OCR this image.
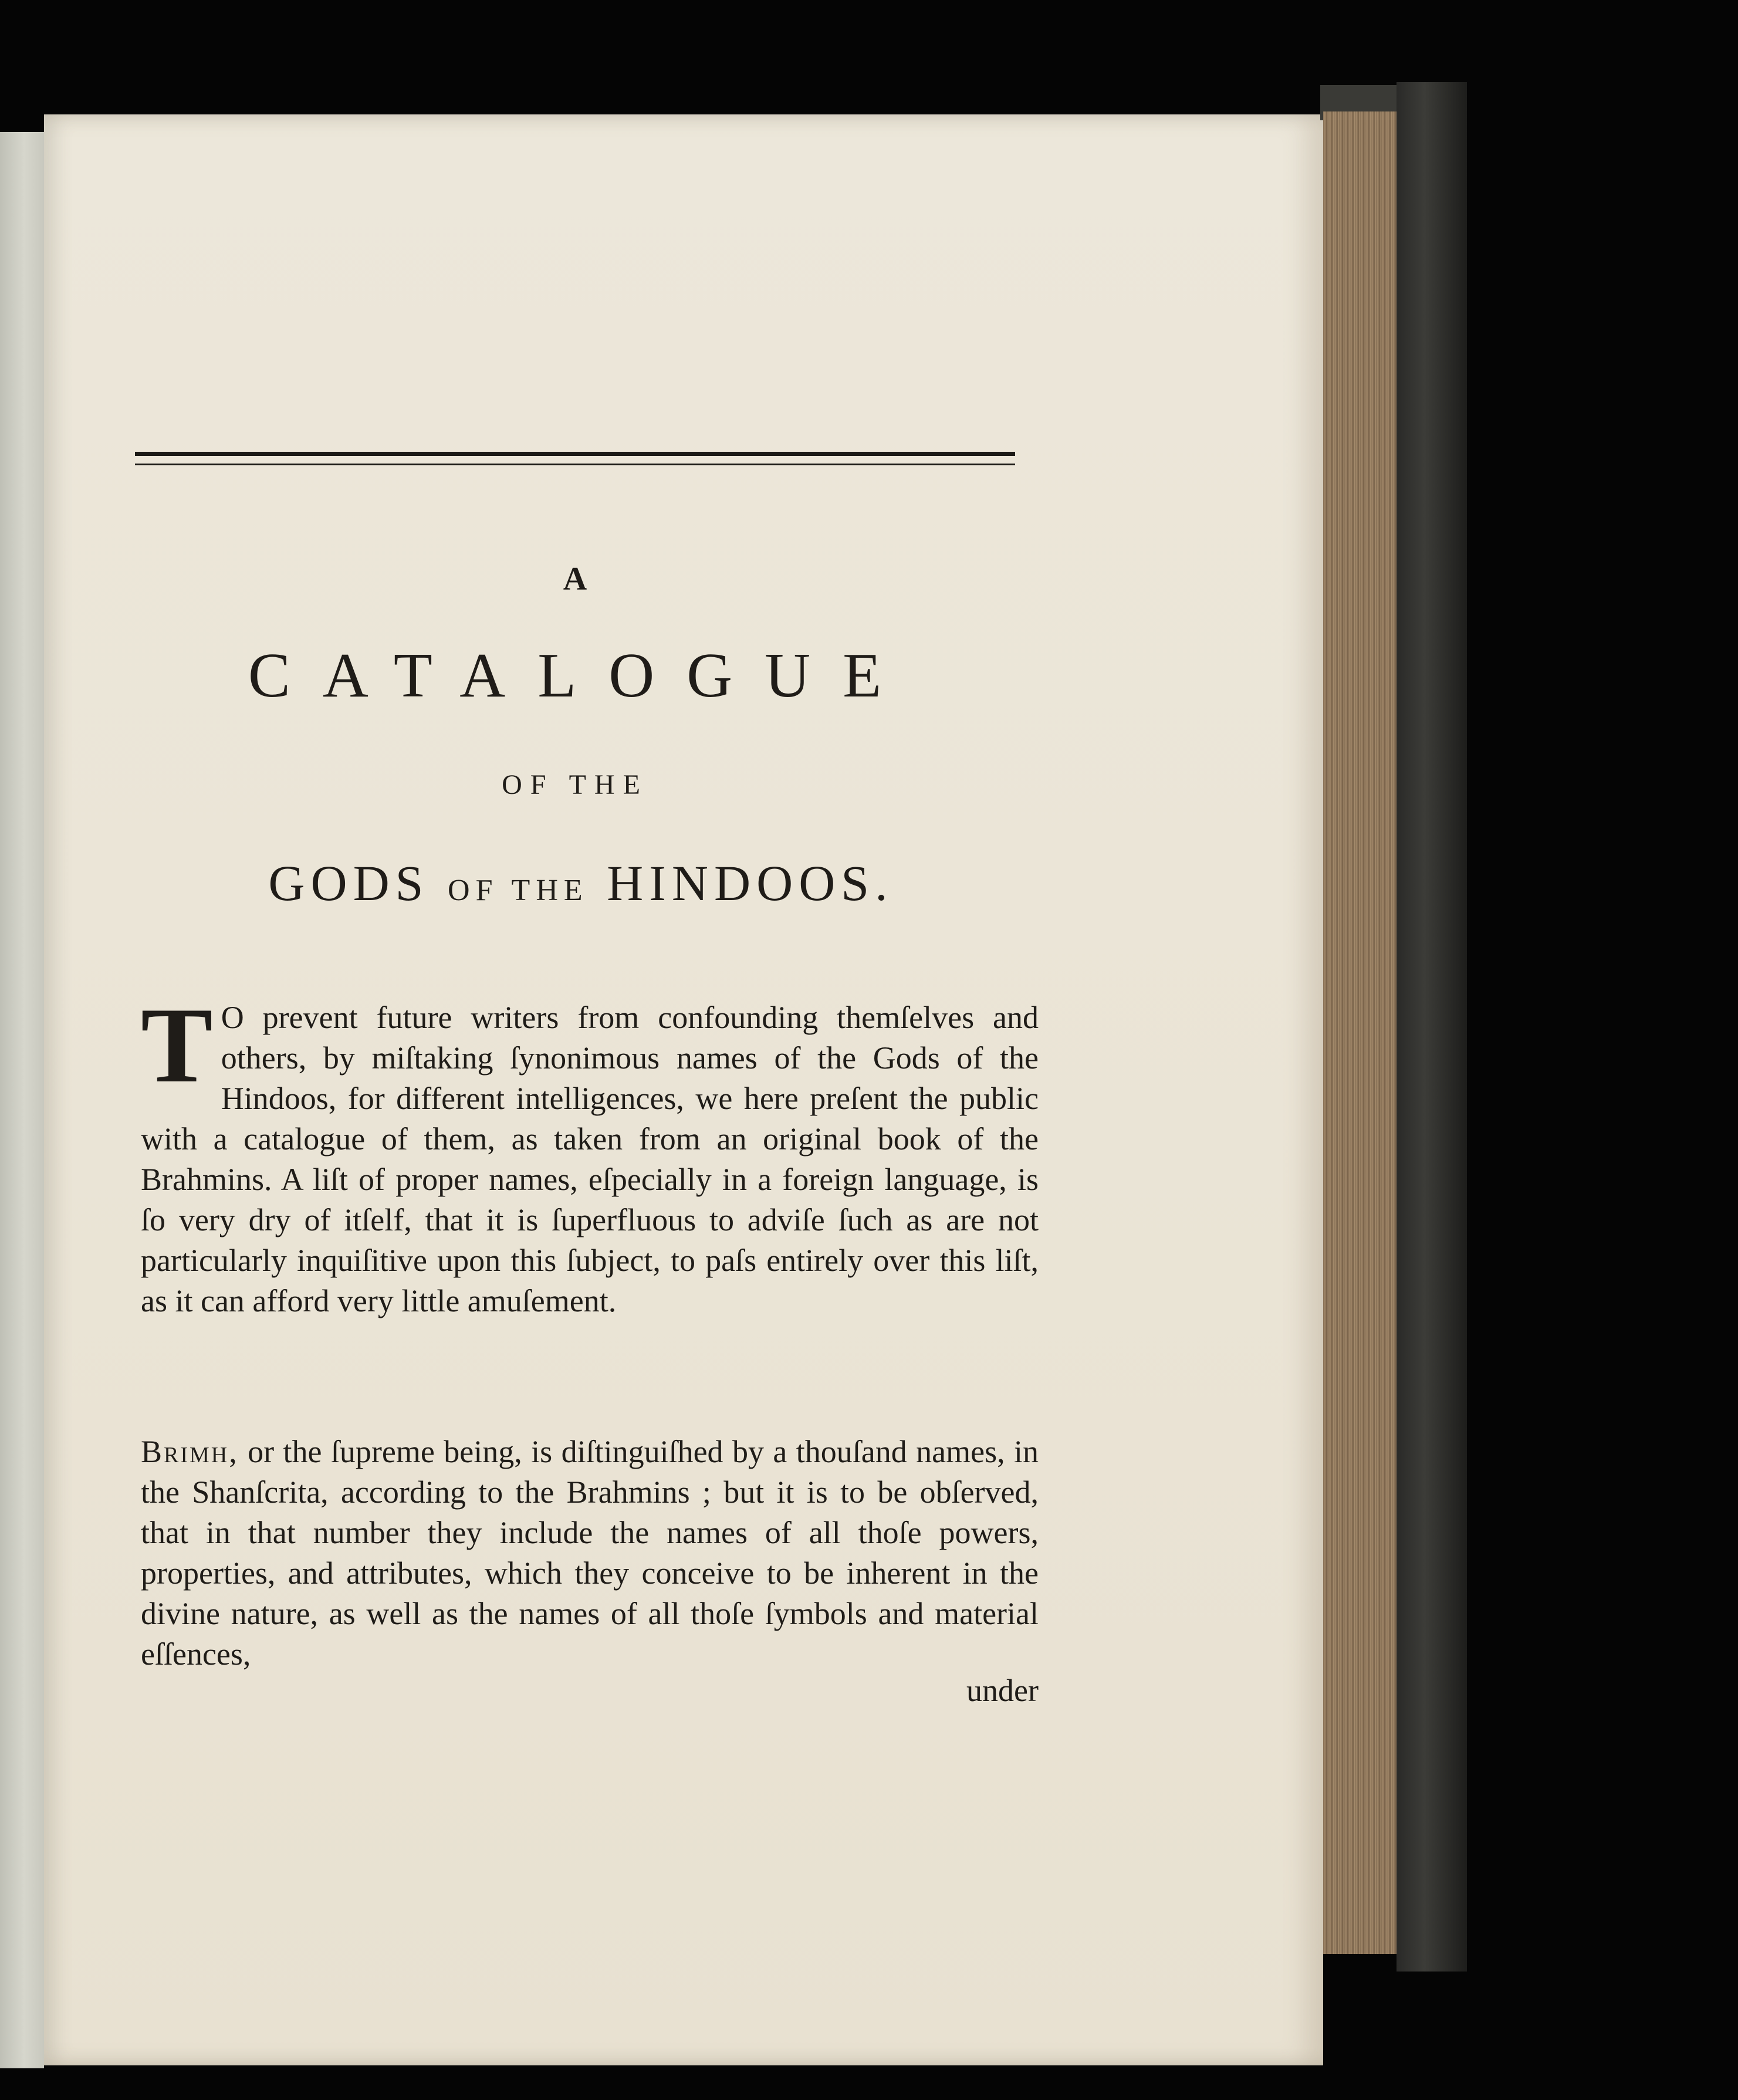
A
CATALOGUE
OF THE
GODS OF THE HINDOOS.
T O prevent future writers from confounding themſelves and others, by miſtaking ſynonimous names of the Gods of the Hindoos, for different intelligences, we here preſent the public with a catalogue of them, as taken from an original book of the Brahmins. A liſt of proper names, eſpecially in a foreign language, is ſo very dry of itſelf, that it is ſuperfluous to adviſe ſuch as are not particularly inquiſitive upon this ſubject, to paſs entirely over this liſt, as it can afford very little amuſement.
Brimh, or the ſupreme being, is diſtinguiſhed by a thouſand names, in the Shanſcrita, according to the Brahmins ; but it is to be obſerved, that in that number they include the names of all thoſe powers, properties, and attributes, which they conceive to be inherent in the divine nature, as well as the names of all thoſe ſymbols and material eſſences,
under
